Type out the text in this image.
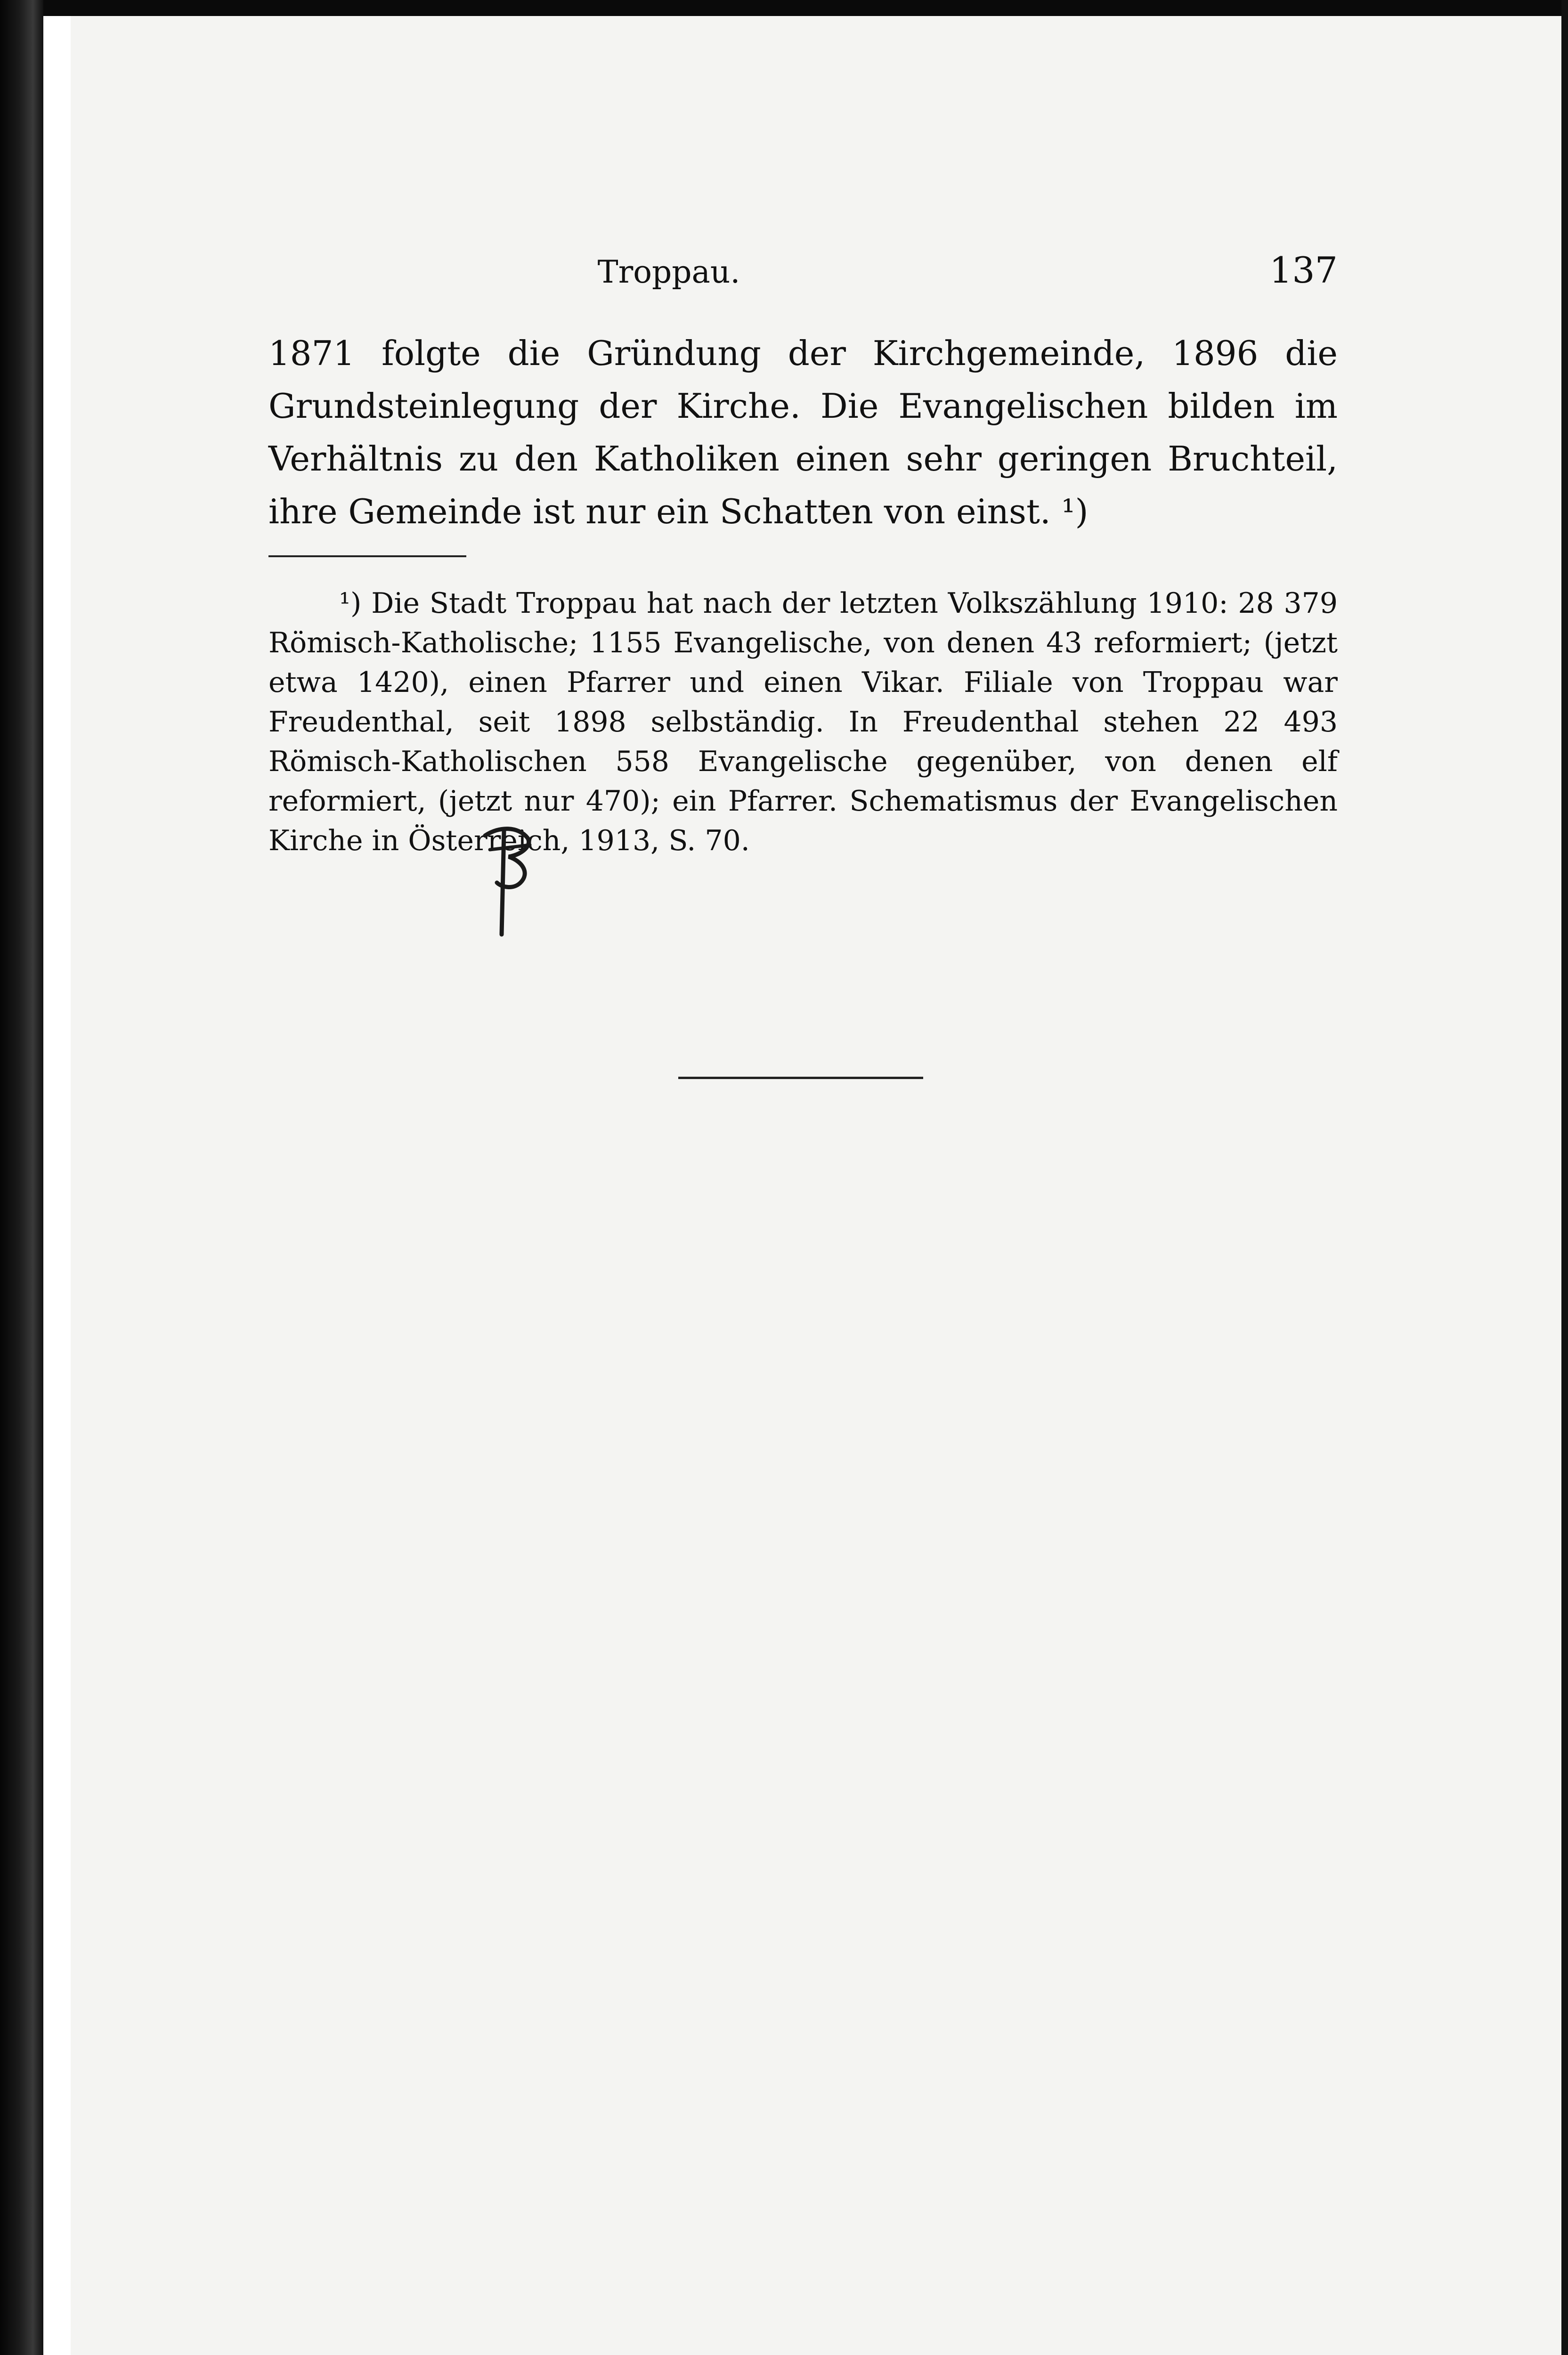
Troppau.	137

1871 folgte die Gründung der Kirchgemeinde, 1896 die Grundsteinlegung der Kirche. Die Evangelischen bilden im Verhältnis zu den Katholiken einen sehr geringen Bruchteil, ihre Gemeinde ist nur ein Schatten von einst. ¹)

¹) Die Stadt Troppau hat nach der letzten Volkszählung 1910: 28 379 Römisch-Katholische; 1155 Evangelische, von denen 43 reformiert; (jetzt etwa 1420), einen Pfarrer und einen Vikar. Filiale von Troppau war Freudenthal, seit 1898 selbständig. In Freudenthal stehen 22 493 Römisch-Katholischen 558 Evangelische gegenüber, von denen elf reformiert, (jetzt nur 470); ein Pfarrer. Schematismus der Evangelischen Kirche in Österreich, 1913, S. 70.
